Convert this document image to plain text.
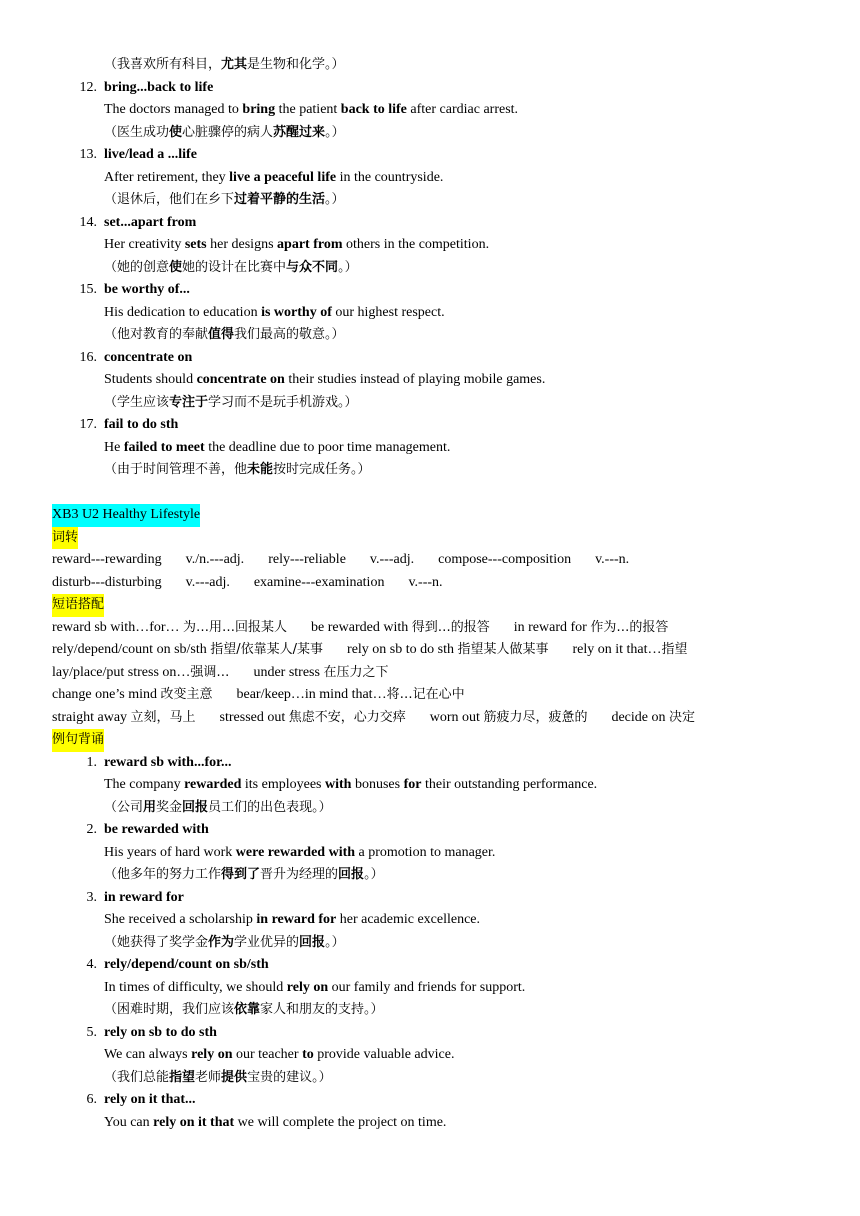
（我喜欢所有科目，尤其是生物和化学。）
12. bring...back to life
The doctors managed to bring the patient back to life after cardiac arrest.
（医生成功使心脏骤停的病人苏醒过来。）
13. live/lead a ...life
After retirement, they live a peaceful life in the countryside.
（退休后，他们在乡下过着平静的生活。）
14. set...apart from
Her creativity sets her designs apart from others in the competition.
（她的创意使她的设计在比赛中与众不同。）
15. be worthy of...
His dedication to education is worthy of our highest respect.
（他对教育的奉献值得我们最高的敬意。）
16. concentrate on
Students should concentrate on their studies instead of playing mobile games.
（学生应该专注于学习而不是玩手机游戏。）
17. fail to do sth
He failed to meet the deadline due to poor time management.
（由于时间管理不善，他未能按时完成任务。）
XB3 U2 Healthy Lifestyle
词转
reward---rewarding v./n.---adj. rely---reliable v.---adj. compose---composition v.---n.
disturb---disturbing v.---adj. examine---examination v.---n.
短语搭配
reward sb with…for… 为…用…回报某人 be rewarded with 得到…的报答 in reward for 作为…的报答
rely/depend/count on sb/sth 指望/依靠某人/某事 rely on sb to do sth 指望某人做某事 rely on it that…指望
lay/place/put stress on…强调… under stress 在压力之下
change one’s mind 改变主意 bear/keep…in mind that…将…记在心中
straight away 立刻，马上 stressed out 焦虑不安，心力交瘁 worn out 筋疲力尽，疲惫的 decide on 决定
例句背诵
1. reward sb with...for...
The company rewarded its employees with bonuses for their outstanding performance.
（公司用奖金回报员工们的出色表现。）
2. be rewarded with
His years of hard work were rewarded with a promotion to manager.
（他多年的努力工作得到了晋升为经理的回报。）
3. in reward for
She received a scholarship in reward for her academic excellence.
（她获得了奖学金作为学业优异的回报。）
4. rely/depend/count on sb/sth
In times of difficulty, we should rely on our family and friends for support.
（困难时期，我们应该依靠家人和朋友的支持。）
5. rely on sb to do sth
We can always rely on our teacher to provide valuable advice.
（我们总能指望老师提供宝贵的建议。）
6. rely on it that...
You can rely on it that we will complete the project on time.
